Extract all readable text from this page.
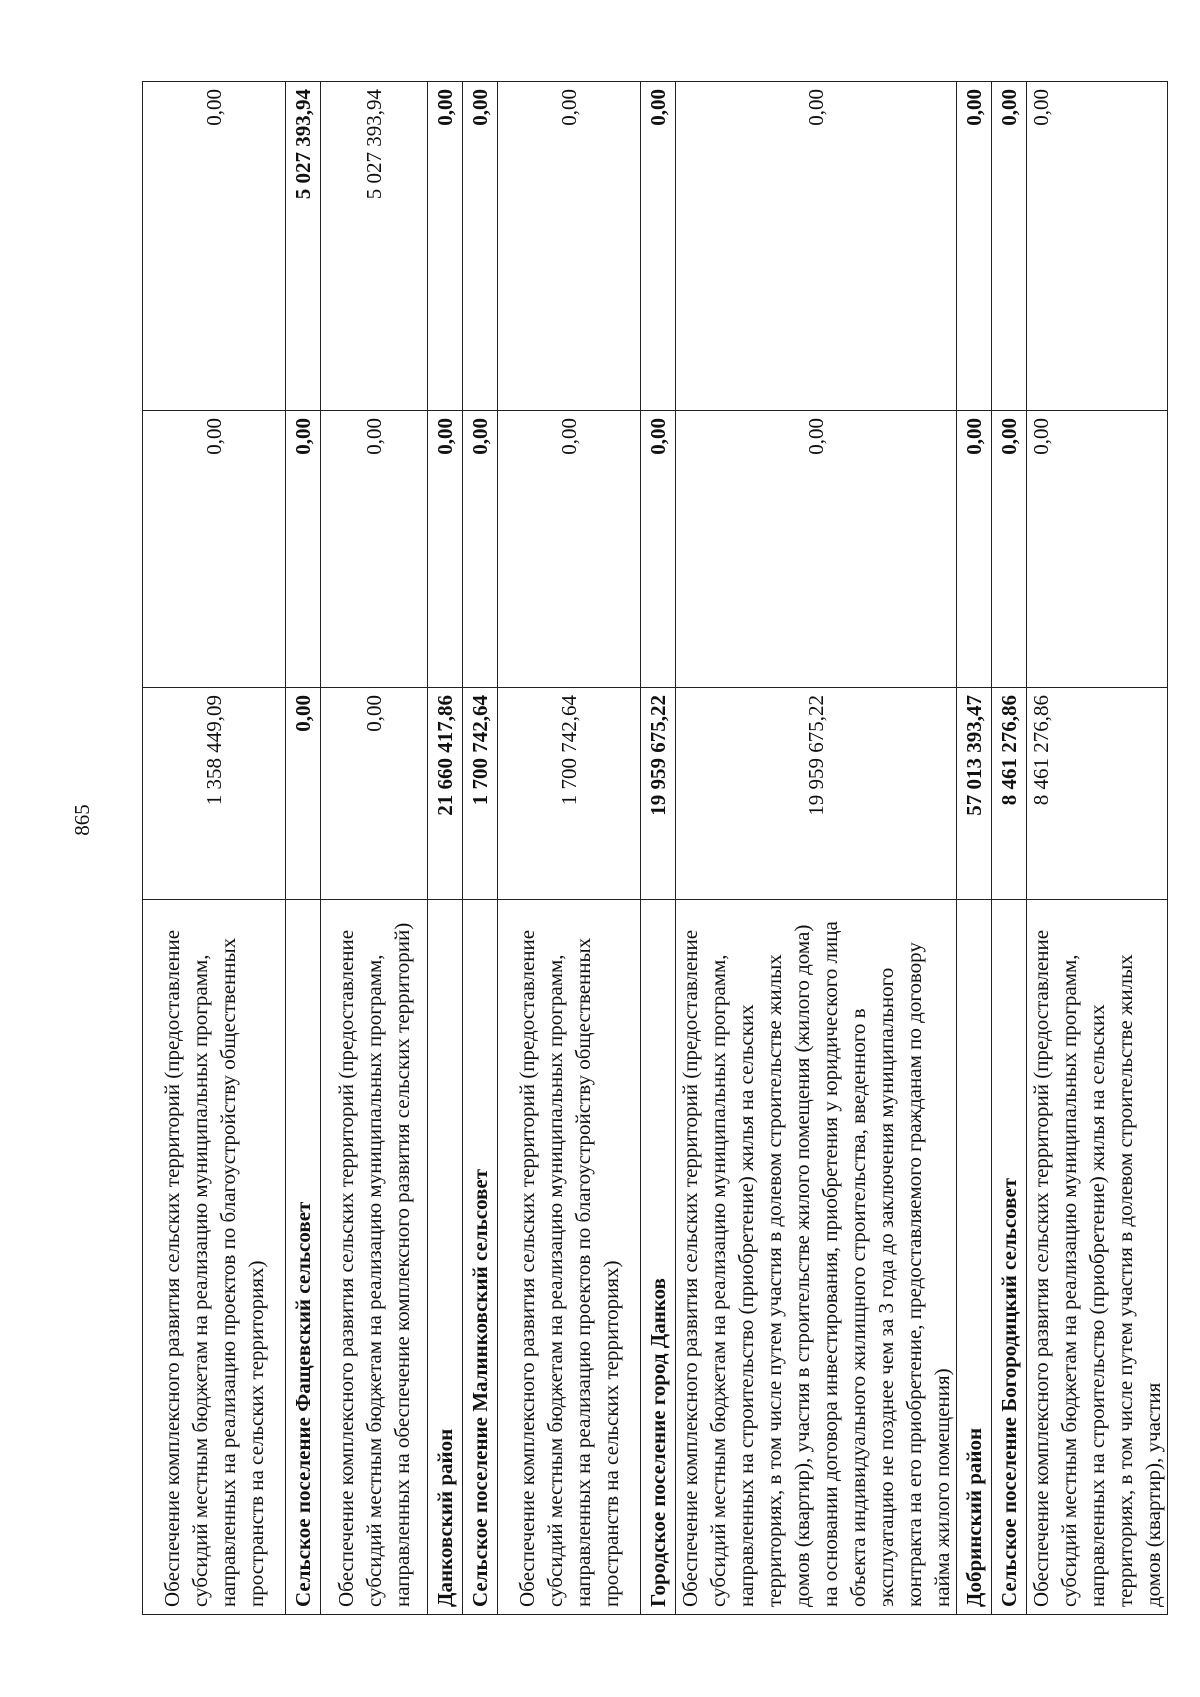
865
Обеспечение комплексного развития сельских территорий (предоставление субсидий местным бюджетам на реализацию муниципальных программ, направленных на реализацию проектов по благоустройству общественных пространств на сельских территориях)	1 358 449,09	0,00	0,00
Сельское поселение Фащевский сельсовет	0,00	0,00	5 027 393,94
Обеспечение комплексного развития сельских территорий (предоставление субсидий местным бюджетам на реализацию муниципальных программ, направленных на обеспечение комплексного развития сельских территорий)	0,00	0,00	5 027 393,94
Данковский район	21 660 417,86	0,00	0,00
Сельское поселение Малинковский сельсовет	1 700 742,64	0,00	0,00
Обеспечение комплексного развития сельских территорий (предоставление субсидий местным бюджетам на реализацию муниципальных программ, направленных на реализацию проектов по благоустройству общественных пространств на сельских территориях)	1 700 742,64	0,00	0,00
Городское поселение город Данков	19 959 675,22	0,00	0,00
Обеспечение комплексного развития сельских территорий (предоставление субсидий местным бюджетам на реализацию муниципальных программ, направленных на строительство (приобретение) жилья на сельских территориях, в том числе путем участия в долевом строительстве жилых домов (квартир), участия в строительстве жилого помещения (жилого дома) на основании договора инвестирования, приобретения у юридического лица объекта индивидуального жилищного строительства, введенного в эксплуатацию не позднее чем за 3 года до заключения муниципального контракта на его приобретение, предоставляемого гражданам по договору найма жилого помещения)	19 959 675,22	0,00	0,00
Добринский район	57 013 393,47	0,00	0,00
Сельское поселение Богородицкий сельсовет	8 461 276,86	0,00	0,00
Обеспечение комплексного развития сельских территорий (предоставление субсидий местным бюджетам на реализацию муниципальных программ, направленных на строительство (приобретение) жилья на сельских территориях, в том числе путем участия в долевом строительстве жилых домов (квартир), участия	8 461 276,86	0,00	0,00
